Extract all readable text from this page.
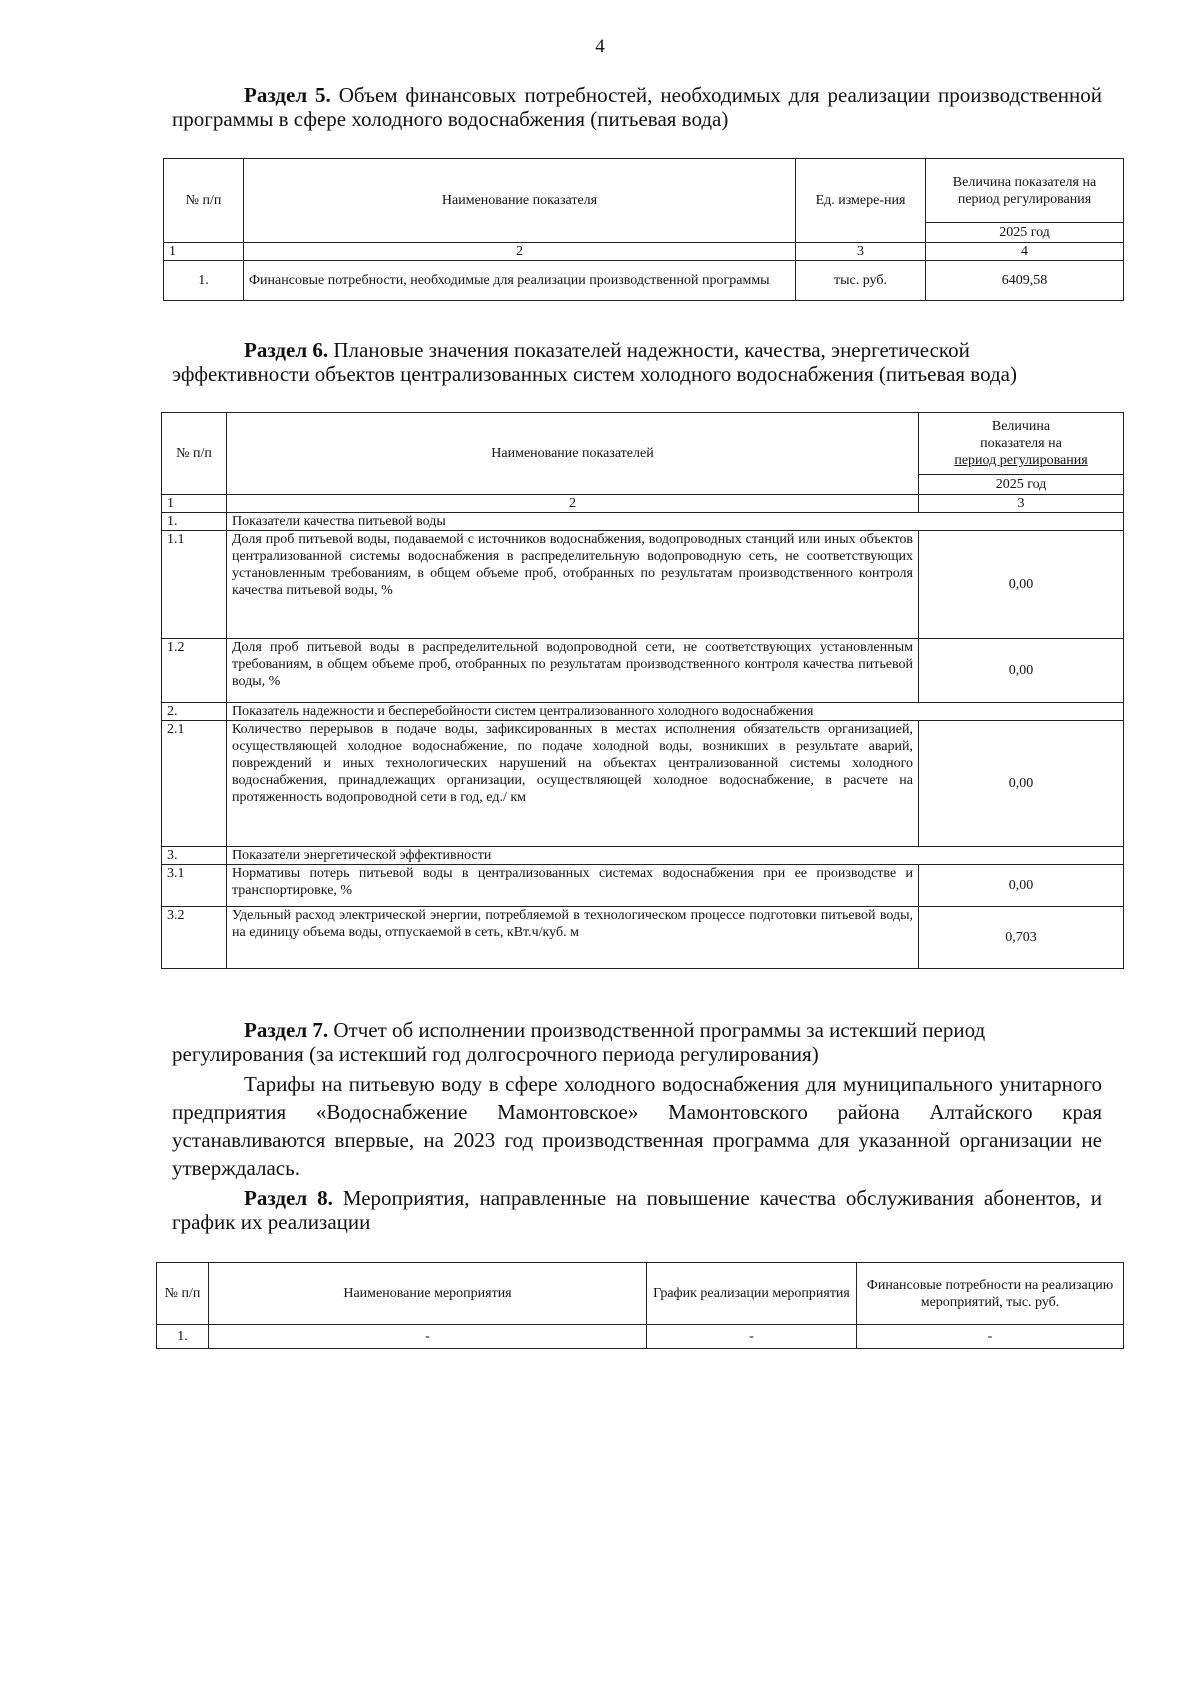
4
Раздел 5. Объем финансовых потребностей, необходимых для реализации производственной программы в сфере холодного водоснабжения (питьевая вода)
№ п/п	Наименование показателя	Ед. измере-ния	Величина показателя на период регулирования
			2025 год
1	2	3	4
1.	Финансовые потребности, необходимые для реализации производственной программы	тыс. руб.	6409,58
Раздел 6. Плановые значения показателей надежности, качества, энергетической эффективности объектов централизованных систем холодного водоснабжения (питьевая вода)
№ п/п	Наименование показателей	Величина
показателя на
период регулирования

		2025 год
1	2	3
1.	Показатели качества питьевой воды	
1.1	Доля проб питьевой воды, подаваемой с источников водоснабжения, водопроводных станций или иных объектов централизованной системы водоснабжения в распределительную водопроводную сеть, не соответствующих установленным требованиям, в общем объеме проб, отобранных по результатам производственного контроля качества питьевой воды, %	0,00
1.2	Доля проб питьевой воды в распределительной водопроводной сети, не соответствующих установленным требованиям, в общем объеме проб, отобранных по результатам производственного контроля качества питьевой воды, %	0,00
2.	Показатель надежности и бесперебойности систем централизованного холодного водоснабжения	
2.1	Количество перерывов в подаче воды, зафиксированных в местах исполнения обязательств организацией, осуществляющей холодное водоснабжение, по подаче холодной воды, возникших в результате аварий, повреждений и иных технологических нарушений на объектах централизованной системы холодного водоснабжения, принадлежащих организации, осуществляющей холодное водоснабжение, в расчете на протяженность водопроводной сети в год, ед./ км	0,00
3.	Показатели энергетической эффективности	
3.1	Нормативы потерь питьевой воды в централизованных системах водоснабжения при ее производстве и транспортировке, %	0,00
3.2	Удельный расход электрической энергии, потребляемой в технологическом процессе подготовки питьевой воды, на единицу объема воды, отпускаемой в сеть, кВт.ч/куб. м	0,703
Раздел 7. Отчет об исполнении производственной программы за истекший период регулирования (за истекший год долгосрочного периода регулирования)
Тарифы на питьевую воду в сфере холодного водоснабжения для муниципального унитарного предприятия «Водоснабжение Мамонтовское» Мамонтовского района Алтайского края устанавливаются впервые, на 2023 год производственная программа для указанной организации не утверждалась.
Раздел 8. Мероприятия, направленные на повышение качества обслуживания абонентов, и график их реализации
№ п/п	Наименование мероприятия	График реализации мероприятия	Финансовые потребности на реализацию мероприятий, тыс. руб.
1.	-	-	-
